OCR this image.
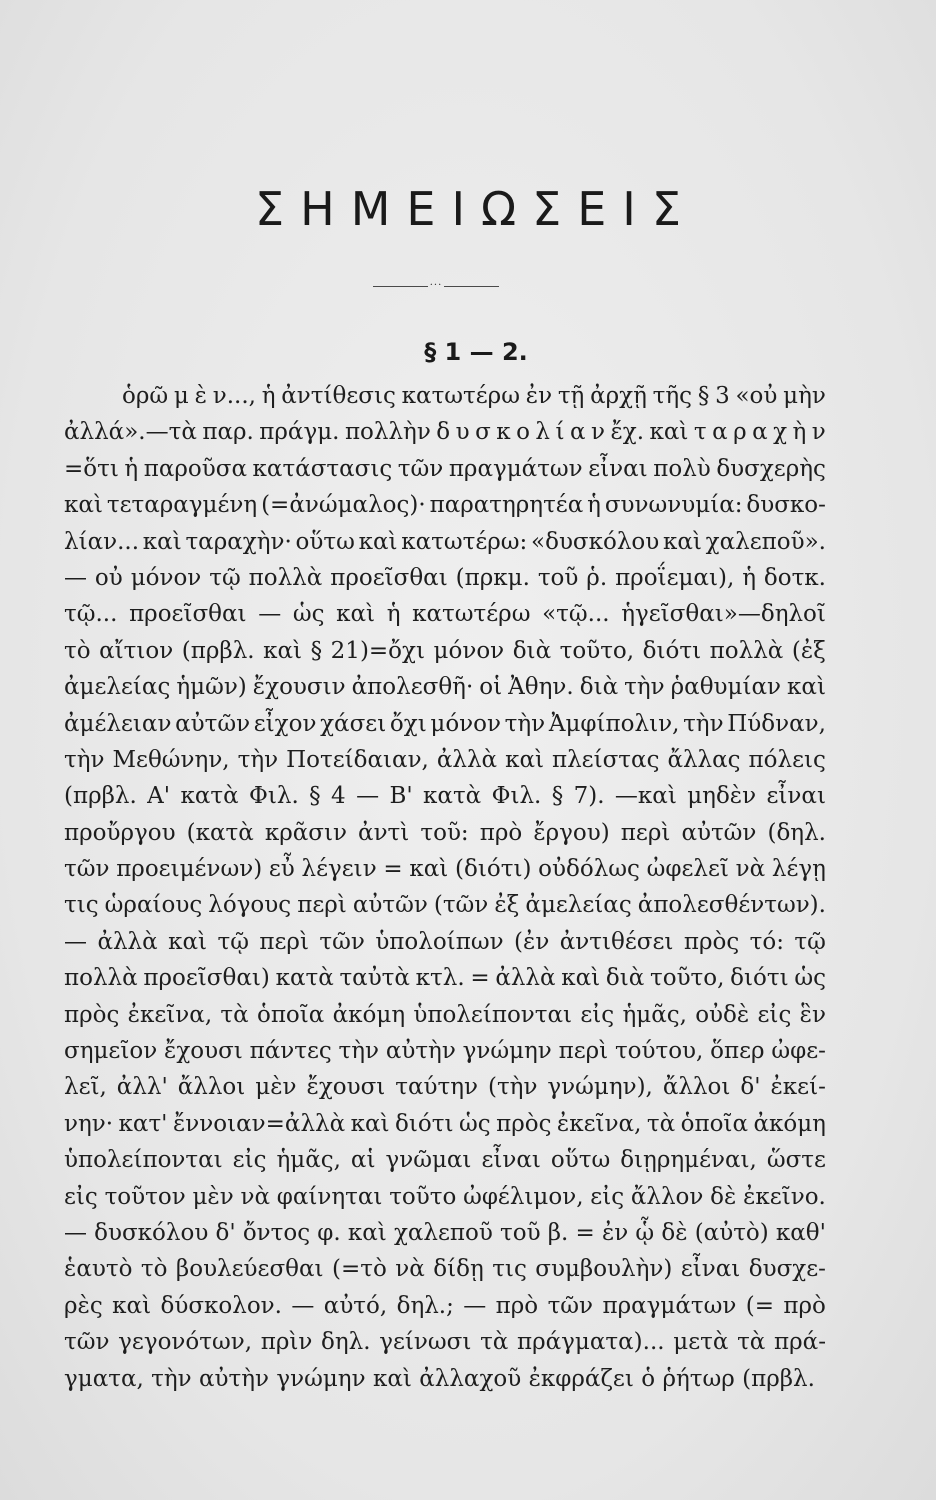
ΣΗΜΕΙΩΣΕΙΣ
···
§ 1 — 2.
ὁρῶ μ ὲ ν..., ἡ ἀντίθεσις κατωτέρω ἐν τῇ ἀρχῇ τῆς § 3 «οὐ μὴν
ἀλλά».—τὰ παρ. πράγμ. πολλὴν δ υ σ κ ο λ ί α ν ἔχ. καὶ τ α ρ α χ ὴ ν
=ὅτι ἡ παροῦσα κατάστασις τῶν πραγμάτων εἶναι πολὺ δυσχερὴς
καὶ τεταραγμένη (=ἀνώμαλος)· παρατηρητέα ἡ συνωνυμία: δυσκο-
λίαν... καὶ ταραχὴν· οὕτω καὶ κατωτέρω: «δυσκόλου καὶ χαλεποῦ».
— οὐ μόνον τῷ πολλὰ προεῖσθαι (πρκμ. τοῦ ῥ. προΐεμαι), ἡ δοτκ.
τῷ... προεῖσθαι — ὡς καὶ ἡ κατωτέρω «τῷ... ἡγεῖσθαι»—δηλοῖ
τὸ αἴτιον (πρβλ. καὶ § 21)=ὄχι μόνον διὰ τοῦτο, διότι πολλὰ (ἐξ
ἀμελείας ἡμῶν) ἔχουσιν ἀπολεσθῆ· οἱ Ἀθην. διὰ τὴν ῥαθυμίαν καὶ
ἀμέλειαν αὐτῶν εἶχον χάσει ὄχι μόνον τὴν Ἀμφίπολιν, τὴν Πύδναν,
τὴν Μεθώνην, τὴν Ποτείδαιαν, ἀλλὰ καὶ πλείστας ἄλλας πόλεις
(πρβλ. Α' κατὰ Φιλ. § 4 — Β' κατὰ Φιλ. § 7). —καὶ μηδὲν εἶναι
προὔργου (κατὰ κρᾶσιν ἀντὶ τοῦ: πρὸ ἔργου) περὶ αὐτῶν (δηλ.
τῶν προειμένων) εὖ λέγειν = καὶ (διότι) οὐδόλως ὠφελεῖ νὰ λέγῃ
τις ὡραίους λόγους περὶ αὐτῶν (τῶν ἐξ ἀμελείας ἀπολεσθέντων).
— ἀλλὰ καὶ τῷ περὶ τῶν ὑπολοίπων (ἐν ἀντιθέσει πρὸς τό: τῷ
πολλὰ προεῖσθαι) κατὰ ταὐτὰ κτλ. = ἀλλὰ καὶ διὰ τοῦτο, διότι ὡς
πρὸς ἐκεῖνα, τὰ ὁποῖα ἀκόμη ὑπολείπονται εἰς ἡμᾶς, οὐδὲ εἰς ἓν
σημεῖον ἔχουσι πάντες τὴν αὐτὴν γνώμην περὶ τούτου, ὅπερ ὠφε-
λεῖ, ἀλλ' ἄλλοι μὲν ἔχουσι ταύτην (τὴν γνώμην), ἄλλοι δ' ἐκεί-
νην· κατ' ἔννοιαν=ἀλλὰ καὶ διότι ὡς πρὸς ἐκεῖνα, τὰ ὁποῖα ἀκόμη
ὑπολείπονται εἰς ἡμᾶς, αἱ γνῶμαι εἶναι οὕτω διῃρημέναι, ὥστε
εἰς τοῦτον μὲν νὰ φαίνηται τοῦτο ὠφέλιμον, εἰς ἄλλον δὲ ἐκεῖνο.
— δυσκόλου δ' ὄντος φ. καὶ χαλεποῦ τοῦ β. = ἐν ᾧ δὲ (αὐτὸ) καθ'
ἑαυτὸ τὸ βουλεύεσθαι (=τὸ νὰ δίδῃ τις συμβουλὴν) εἶναι δυσχε-
ρὲς καὶ δύσκολον. — αὐτό, δηλ.; — πρὸ τῶν πραγμάτων (= πρὸ
τῶν γεγονότων, πρὶν δηλ. γείνωσι τὰ πράγματα)... μετὰ τὰ πρά-
γματα, τὴν αὐτὴν γνώμην καὶ ἀλλαχοῦ ἐκφράζει ὁ ῥήτωρ (πρβλ.
